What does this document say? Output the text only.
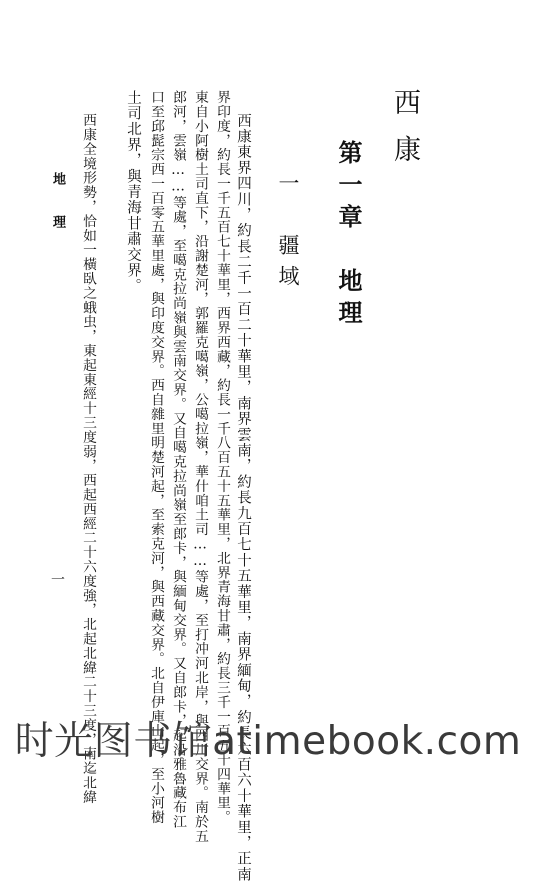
西康
第一章　地理
一　疆域
西康東界四川，約長二千一百二十華里，南界雲南，約長九百七十五華里，南界緬甸，約長六百六十華里，正南
界印度，約長一千五百七十華里，西界西藏，約長一千八百五十五華里，北界青海甘肅，約長三千一百五十四華里。
東自小阿樹土司直下，沿謝楚河，郭羅克噶嶺，公噶拉嶺，華什咱土司……等處，至打冲河北岸，與四川交界。南於五
郎河，雲嶺……等處，至噶克拉尚嶺與雲南交界。又自噶克拉尚嶺至郎卡，與緬甸交界。又自郎卡，起沿雅魯藏布江
口至邱髭宗西一百零五華里處，與印度交界。西自雜里明楚河起，至索克河，與西藏交界。北自伊庫山起，至小河樹
土司北界，與青海甘肅交界。
西康全境形勢，恰如一橫臥之蛾虫，東起東經十三度弱，西起西經二十六度強，北起北緯二十三度，南迄北緯
地理
一
时光图书馆atimebook.com
